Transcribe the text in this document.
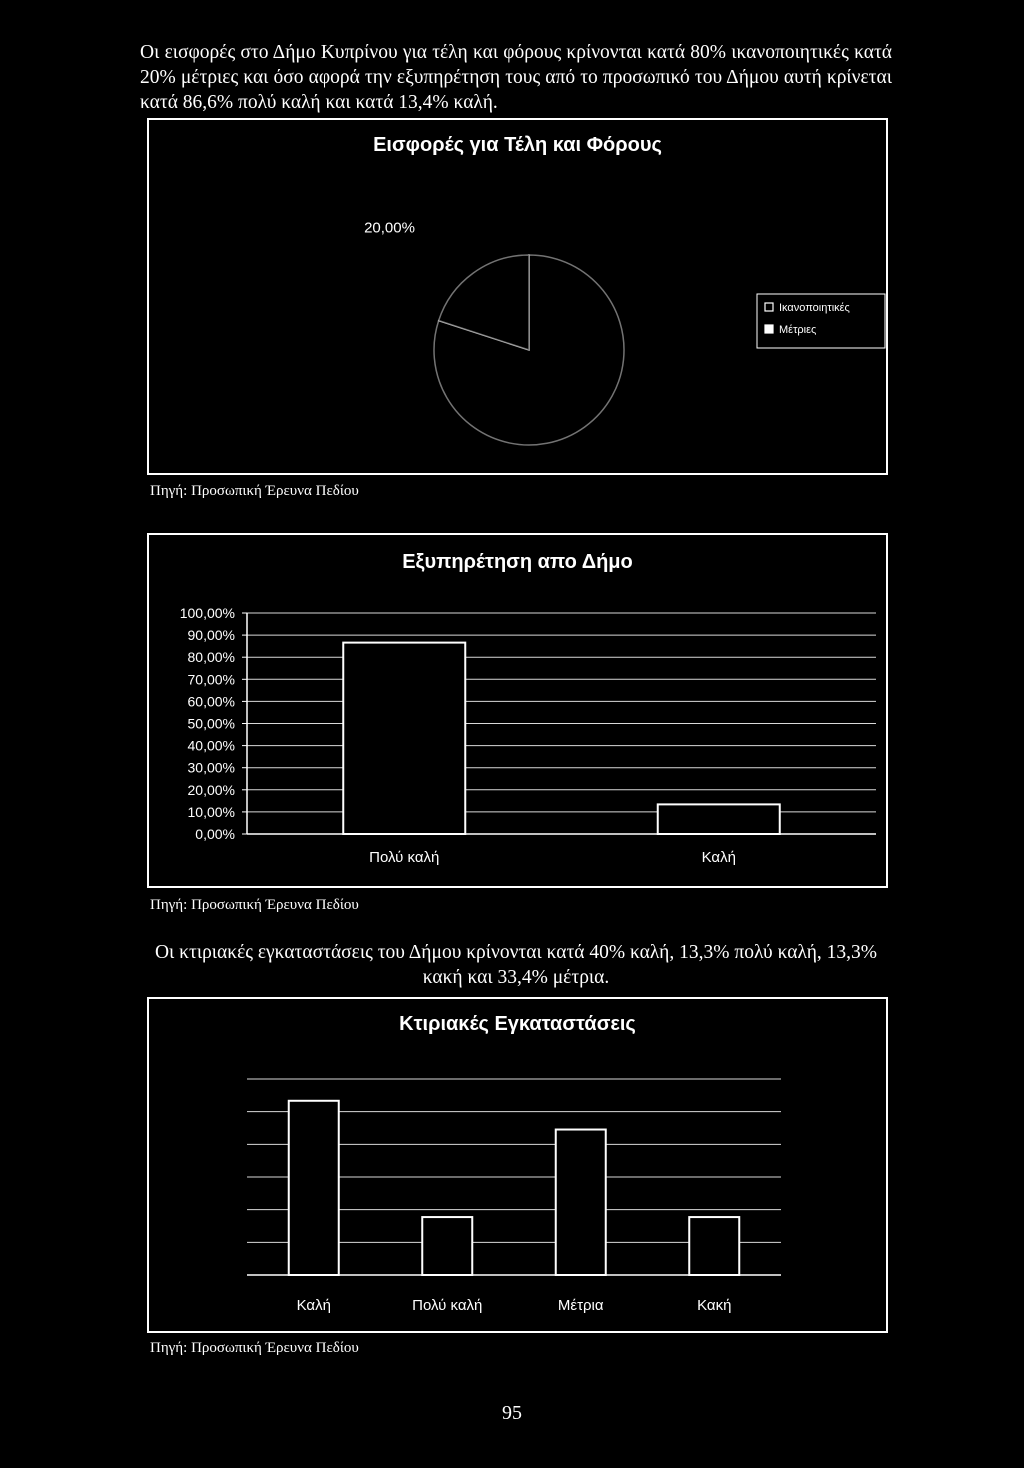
Οι εισφορές στο Δήμο Κυπρίνου για τέλη και φόρους κρίνονται κατά 80% ικανοποιητικές κατά 20% μέτριες και όσο αφορά την εξυπηρέτηση τους από το προσωπικό του Δήμου αυτή κρίνεται κατά 86,6% πολύ καλή και κατά 13,4% καλή.
Εισφορές για Τέλη και Φόρους
20,00%
Ικανοποιητικές
Μέτριες
Πηγή: Προσωπική Έρευνα Πεδίου
Εξυπηρέτηση απο Δήμο
0,00%
10,00%
20,00%
30,00%
40,00%
50,00%
60,00%
70,00%
80,00%
90,00%
100,00%
Πολύ καλή	Καλή
Πηγή: Προσωπική Έρευνα Πεδίου
Οι κτιριακές εγκαταστάσεις του Δήμου κρίνονται κατά 40% καλή, 13,3% πολύ καλή, 13,3% κακή και 33,4% μέτρια.
Κτιριακές Εγκαταστάσεις
Καλή	Πολύ καλή	Μέτρια	Κακή
Πηγή: Προσωπική Έρευνα Πεδίου
95
